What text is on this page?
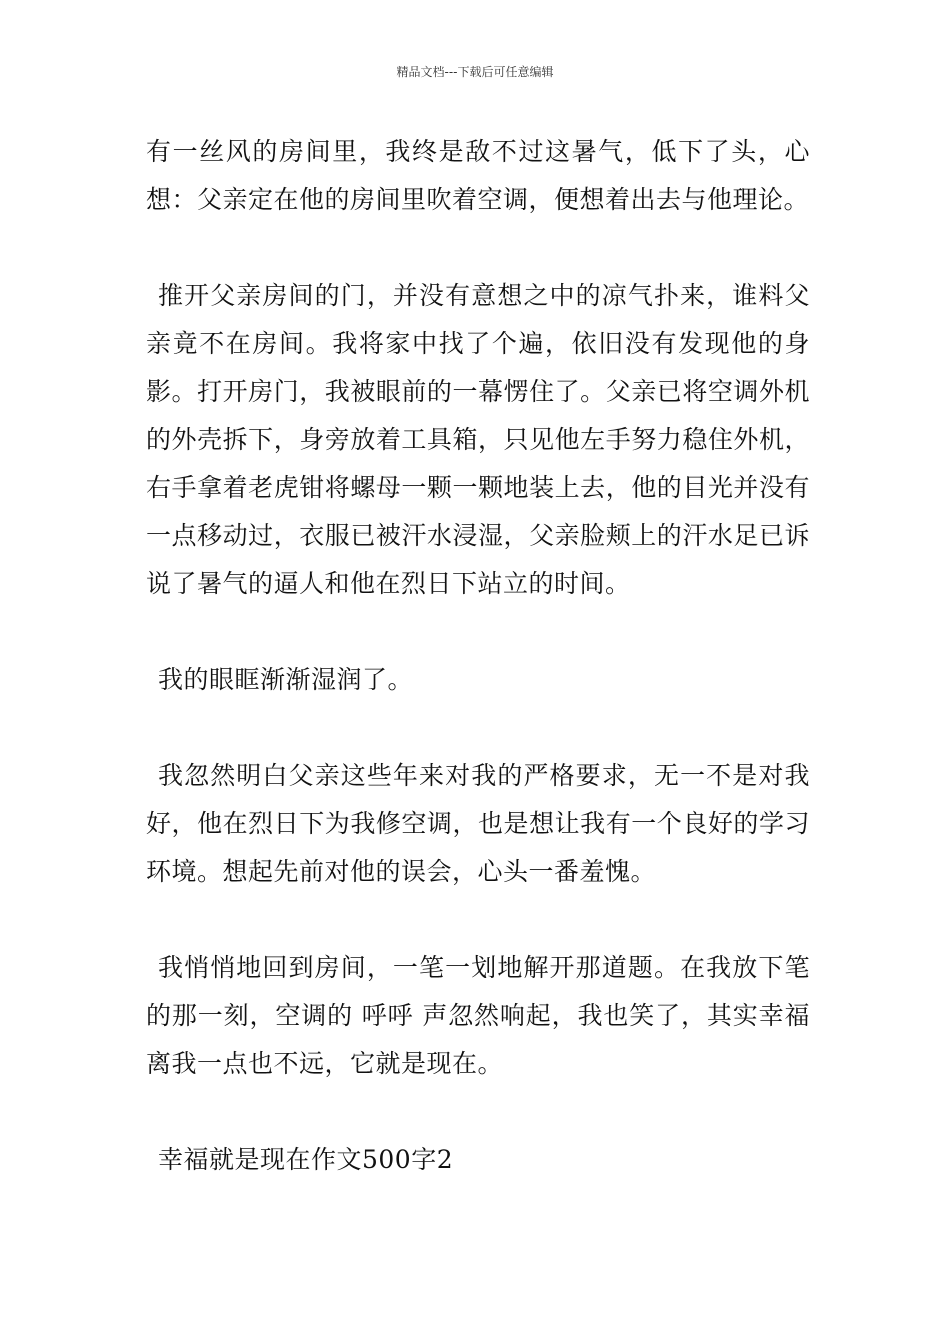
精品文档---下载后可任意编辑

有一丝风的房间里，我终是敌不过这暑气，低下了头，心想：父亲定在他的房间里吹着空调，便想着出去与他理论。

推开父亲房间的门，并没有意想之中的凉气扑来，谁料父亲竟不在房间。我将家中找了个遍，依旧没有发现他的身影。打开房门，我被眼前的一幕愣住了。父亲已将空调外机的外壳拆下，身旁放着工具箱，只见他左手努力稳住外机，右手拿着老虎钳将螺母一颗一颗地装上去，他的目光并没有一点移动过，衣服已被汗水浸湿，父亲脸颊上的汗水足已诉说了暑气的逼人和他在烈日下站立的时间。

我的眼眶渐渐湿润了。

我忽然明白父亲这些年来对我的严格要求，无一不是对我好，他在烈日下为我修空调，也是想让我有一个良好的学习环境。想起先前对他的误会，心头一番羞愧。

我悄悄地回到房间，一笔一划地解开那道题。在我放下笔的那一刻，空调的 呼呼 声忽然响起，我也笑了，其实幸福离我一点也不远，它就是现在。

幸福就是现在作文500字2
